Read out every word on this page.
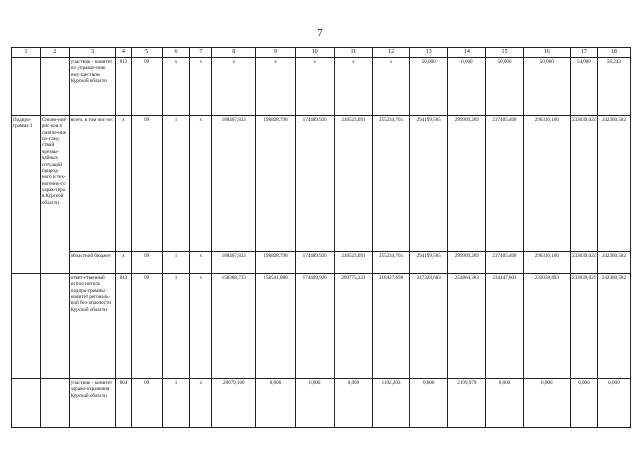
7
1	2	3	4	5	6	7	8	9	10	11	12	13	14	15	16	17	18
		участник - комитет по управле-нию иму-ществом Курской области	812	09	x	x	x	x	x	x	x	50,000	0,000	50,000	50,000	54,080	56,243
Подпро-грамма 1	Сниже-ние рис-ков и смягче-ние по-след-ствий чрезвы-чайных ситуаций природ-ного и тех-ногенно-го харак-тера в Курской области	всего, в том чис-ле:	x	09	1	x	188467,833	198828,798	174489,926	218523,091	255234,761	294199,565	299909,289	237405,408	296316,100	233039,021	242360,582
		областной бюджет	x	09	1	x	188467,833	198828,798	174489,926	218523,091	255234,761	294199,565	299909,289	237405,408	296316,100	233039,021	242360,582
		ответ-ственный испол-нитель подпро-граммы - комитет регональ-ной без-опасности Курской области	843	09	1	x	158388,733	158541,880	174489,926	209775,221	218427,698	247328,683	253864,383	234147,801	233058,493	233039,021	242360,582
		участник - комитет здраво-охранения Курской области	804	09	1	x	28079,100	0,000	0,000	0,000	1192,203	0,000	2199,979	0,000	0,000	0,000	0,000
